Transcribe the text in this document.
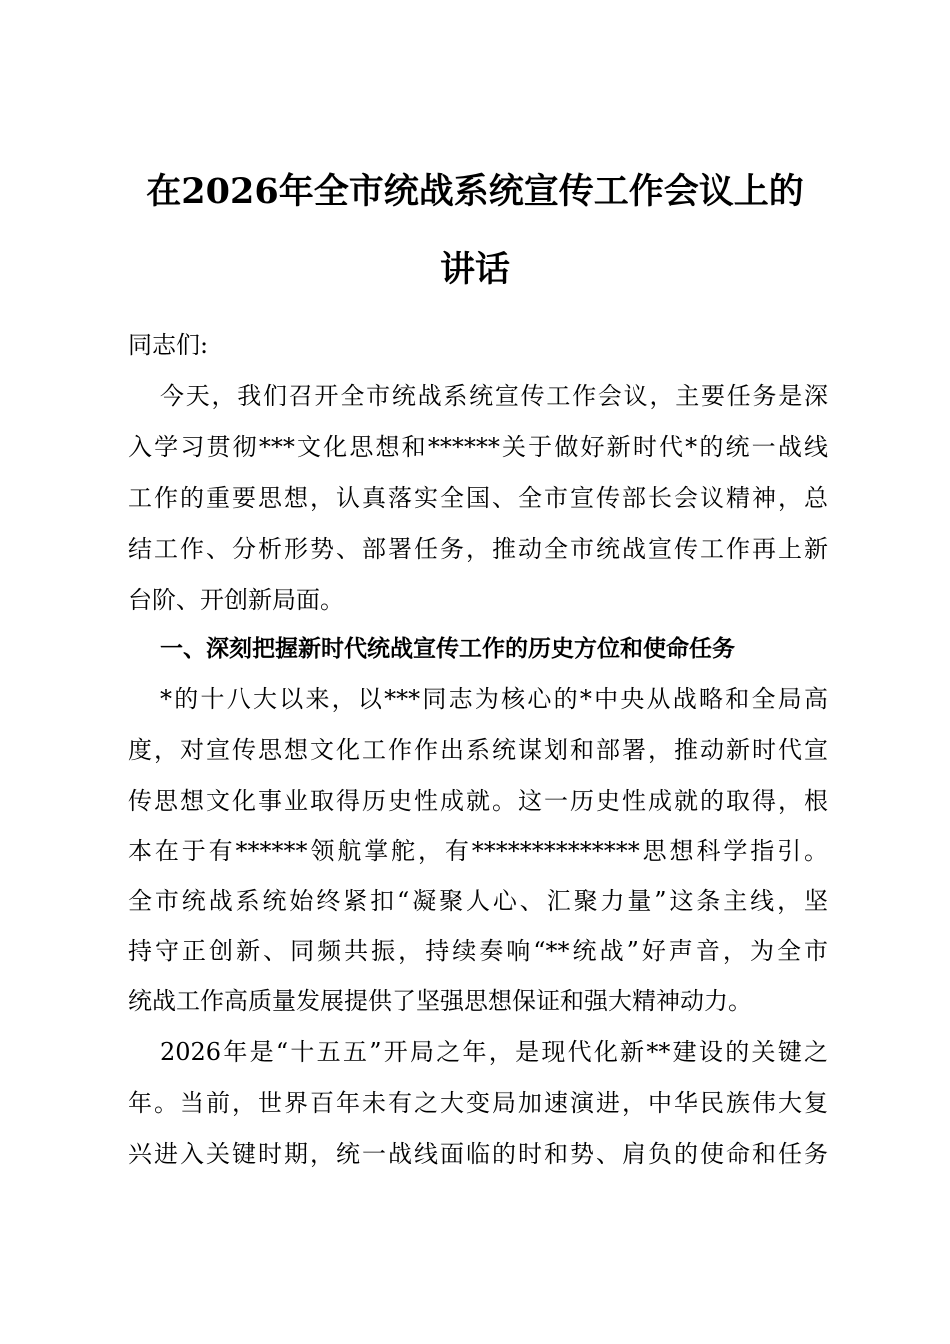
在2026年全市统战系统宣传工作会议上的
讲话
同志们:
今天，我们召开全市统战系统宣传工作会议，主要任务是深
入学习贯彻***文化思想和******关于做好新时代*的统一战线
工作的重要思想，认真落实全国、全市宣传部长会议精神，总
结工作、分析形势、部署任务，推动全市统战宣传工作再上新
台阶、开创新局面。
一、深刻把握新时代统战宣传工作的历史方位和使命任务
*的十八大以来，以***同志为核心的*中央从战略和全局高
度，对宣传思想文化工作作出系统谋划和部署，推动新时代宣
传思想文化事业取得历史性成就。这一历史性成就的取得，根
本在于有******领航掌舵，有**************思想科学指引。
全市统战系统始终紧扣“凝聚人心、汇聚力量”这条主线，坚
持守正创新、同频共振，持续奏响“**统战”好声音，为全市
统战工作高质量发展提供了坚强思想保证和强大精神动力。
2026年是“十五五”开局之年，是现代化新**建设的关键之
年。当前，世界百年未有之大变局加速演进，中华民族伟大复
兴进入关键时期，统一战线面临的时和势、肩负的使命和任务
